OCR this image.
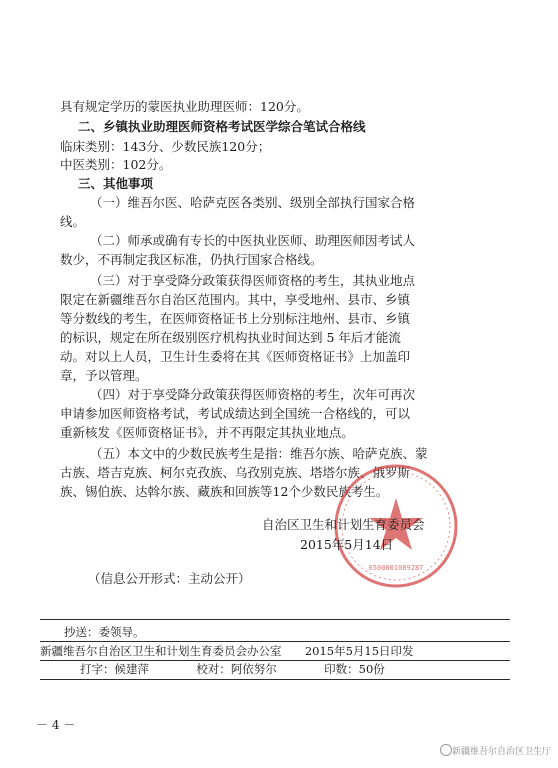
具有规定学历的蒙医执业助理医师：120分。
二、乡镇执业助理医师资格考试医学综合笔试合格线
临床类别：143分、少数民族120分；
中医类别：102分。
三、其他事项
（一）维吾尔医、哈萨克医各类别、级别全部执行国家合格
线。
（二）师承或确有专长的中医执业医师、助理医师因考试人
数少，不再制定我区标准，仍执行国家合格线。
（三）对于享受降分政策获得医师资格的考生，其执业地点
限定在新疆维吾尔自治区范围内。其中，享受地州、县市、乡镇
等分数线的考生，在医师资格证书上分别标注地州、县市、乡镇
的标识，规定在所在级别医疗机构执业时间达到 5 年后才能流
动。对以上人员，卫生计生委将在其《医师资格证书》上加盖印
章，予以管理。
（四）对于享受降分政策获得医师资格的考生，次年可再次
申请参加医师资格考试，考试成绩达到全国统一合格线的，可以
重新核发《医师资格证书》，并不再限定其执业地点。
（五）本文中的少数民族考生是指：维吾尔族、哈萨克族、蒙
古族、塔吉克族、柯尔克孜族、乌孜别克族、塔塔尔族、俄罗斯
族、锡伯族、达斡尔族、藏族和回族等12个少数民族考生。
6500001089287
自治区卫生和计划生育委员会
2015年5月14日
（信息公开形式：主动公开）
抄送：委领导。
新疆维吾尔自治区卫生和计划生育委员会办公室 2015年5月15日印发
打字：候建萍	校对：阿依努尔	印数：50份
－ 4 －
新疆维吾尔自治区卫生厅
